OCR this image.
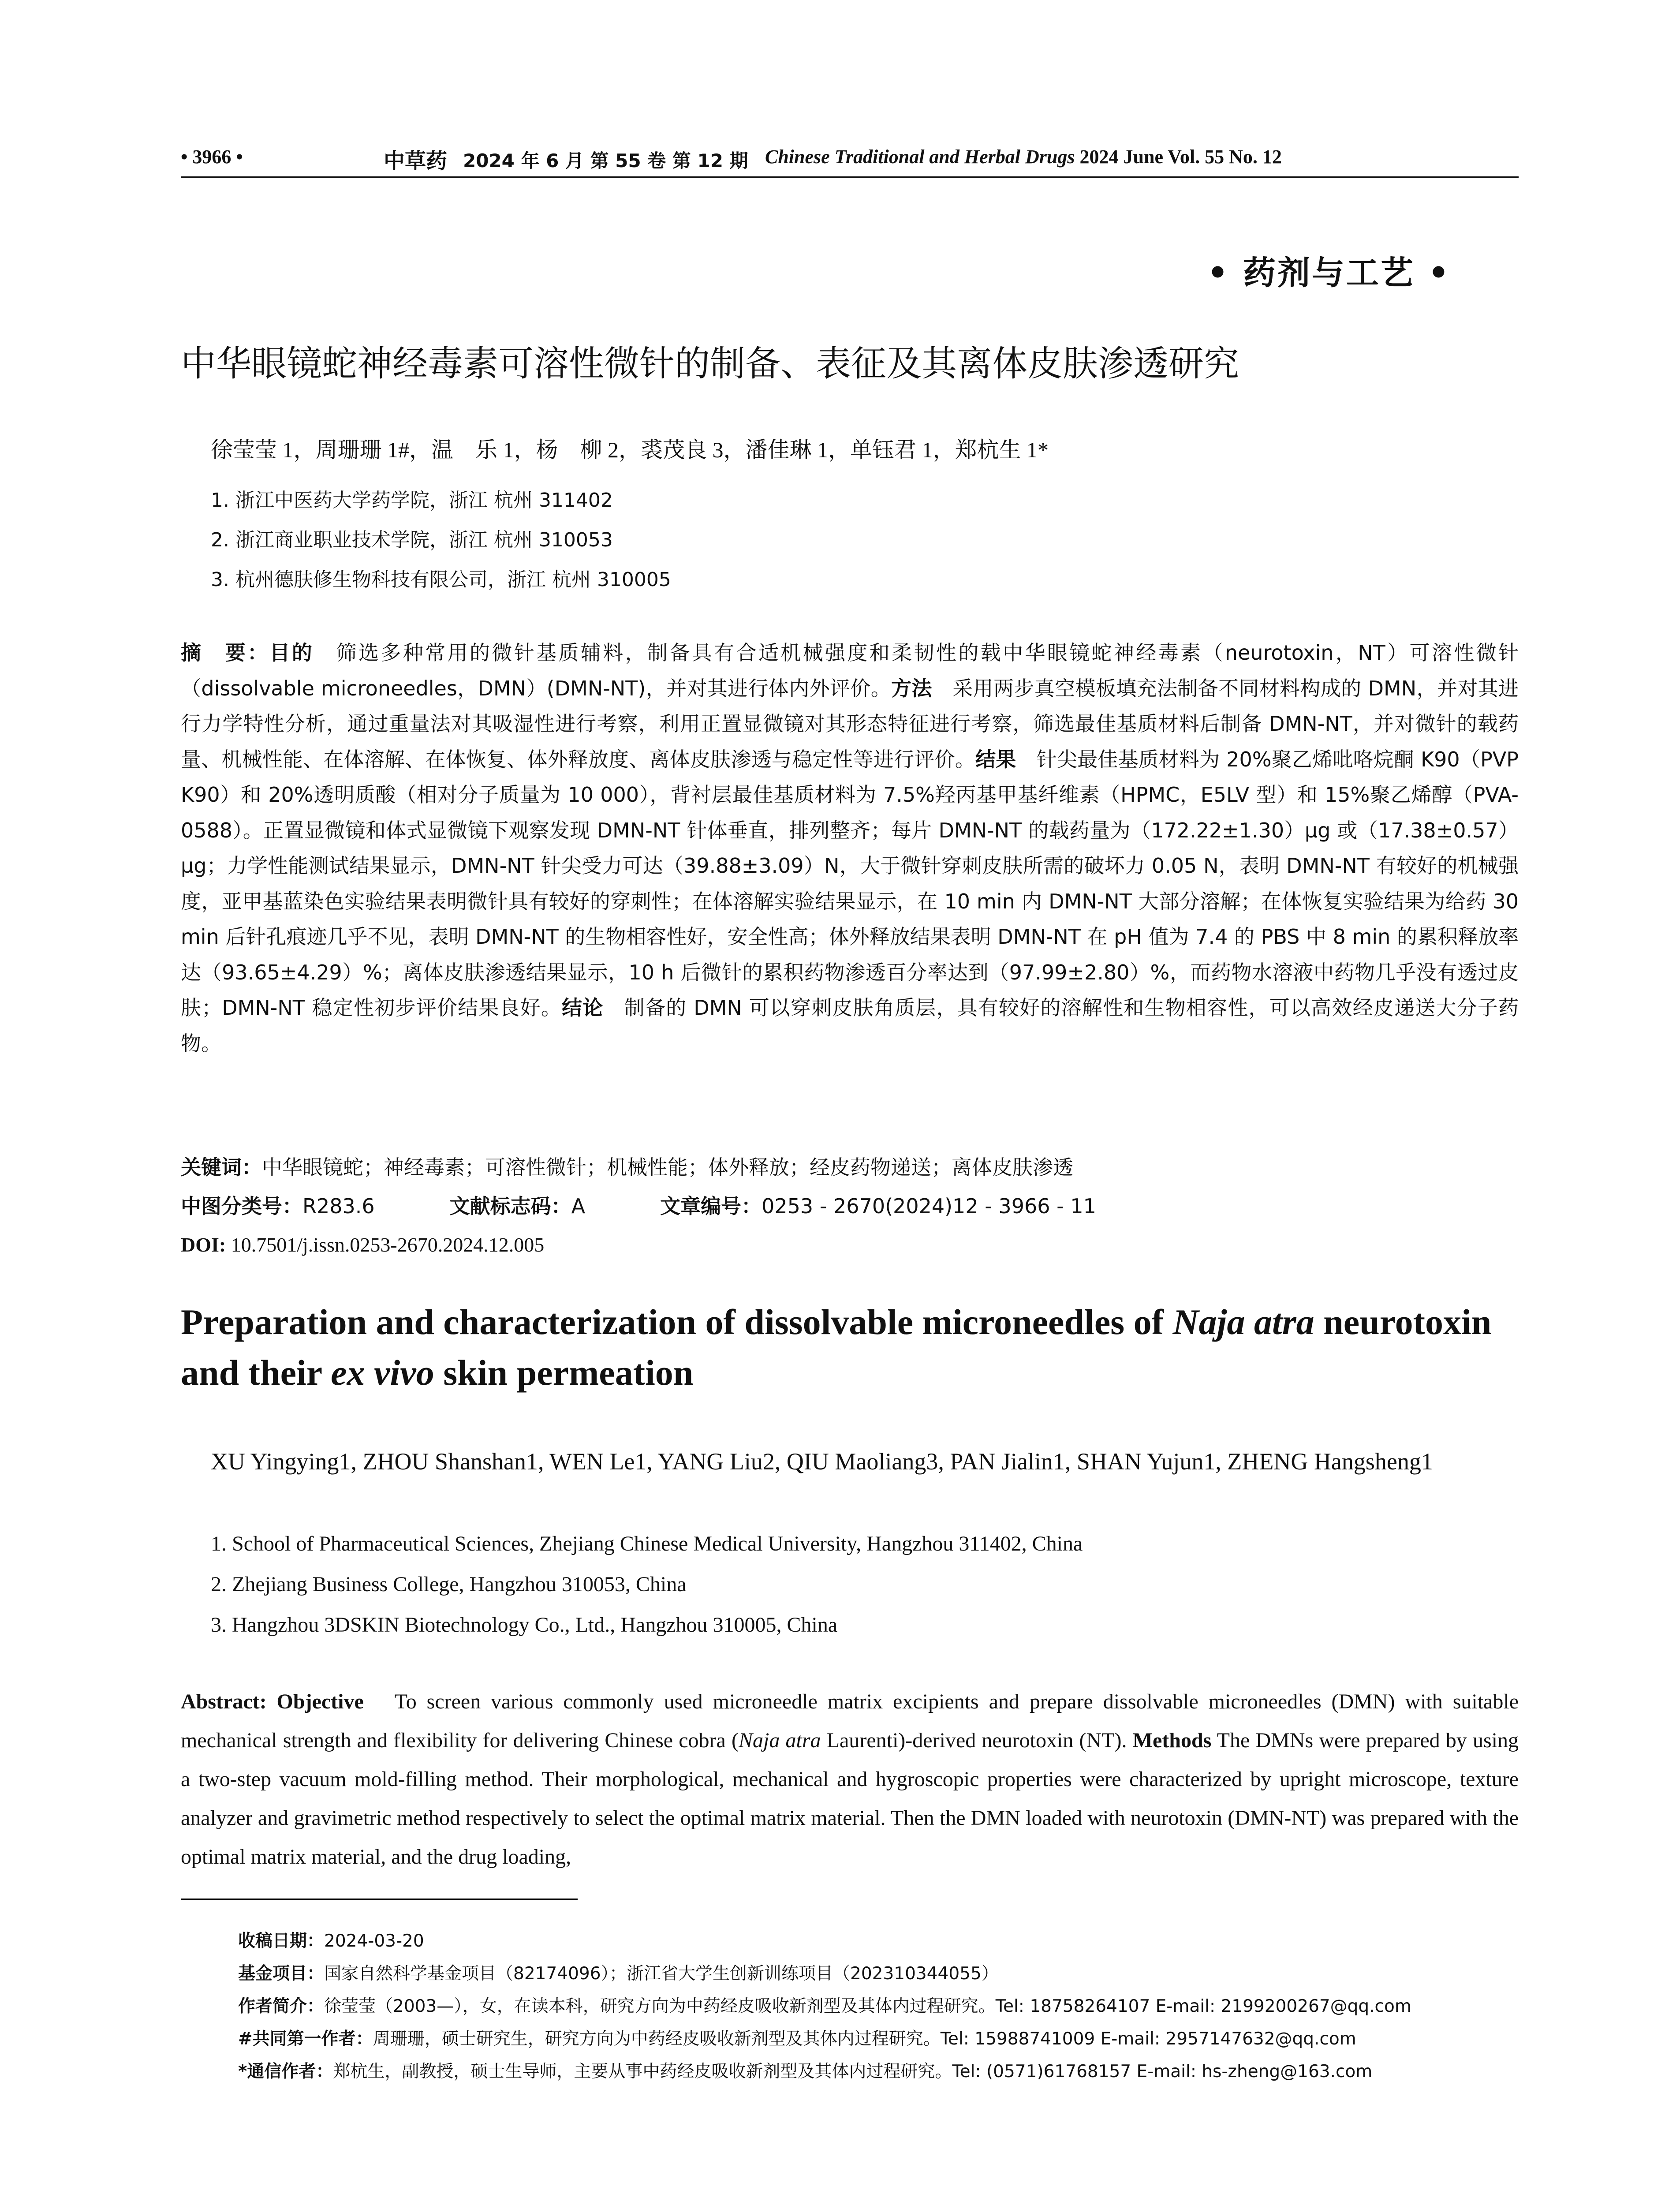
• 3966 •	中草药 2024 年 6 月 第 55 卷 第 12 期 Chinese Traditional and Herbal Drugs 2024 June Vol. 55 No. 12
• 药剂与工艺 •
中华眼镜蛇神经毒素可溶性微针的制备、表征及其离体皮肤渗透研究
徐莹莹 1，周珊珊 1#，温　乐 1，杨　柳 2，裘茂良 3，潘佳琳 1，单钰君 1，郑杭生 1*
1. 浙江中医药大学药学院，浙江 杭州 311402
2. 浙江商业职业技术学院，浙江 杭州 310053
3. 杭州德肤修生物科技有限公司，浙江 杭州 310005

摘　要：目的　筛选多种常用的微针基质辅料，制备具有合适机械强度和柔韧性的载中华眼镜蛇神经毒素（neurotoxin，NT）可溶性微针（dissolvable microneedles，DMN）(DMN-NT)，并对其进行体内外评价。方法　采用两步真空模板填充法制备不同材料构成的 DMN，并对其进行力学特性分析，通过重量法对其吸湿性进行考察，利用正置显微镜对其形态特征进行考察，筛选最佳基质材料后制备 DMN-NT，并对微针的载药量、机械性能、在体溶解、在体恢复、体外释放度、离体皮肤渗透与稳定性等进行评价。结果　针尖最佳基质材料为 20%聚乙烯吡咯烷酮 K90（PVP K90）和 20%透明质酸（相对分子质量为 10 000），背衬层最佳基质材料为 7.5%羟丙基甲基纤维素（HPMC，E5LV 型）和 15%聚乙烯醇（PVA-0588）。正置显微镜和体式显微镜下观察发现 DMN-NT 针体垂直，排列整齐；每片 DMN-NT 的载药量为（172.22±1.30）μg 或（17.38±0.57）μg；力学性能测试结果显示，DMN-NT 针尖受力可达（39.88±3.09）N，大于微针穿刺皮肤所需的破坏力 0.05 N，表明 DMN-NT 有较好的机械强度，亚甲基蓝染色实验结果表明微针具有较好的穿刺性；在体溶解实验结果显示，在 10 min 内 DMN-NT 大部分溶解；在体恢复实验结果为给药 30 min 后针孔痕迹几乎不见，表明 DMN-NT 的生物相容性好，安全性高；体外释放结果表明 DMN-NT 在 pH 值为 7.4 的 PBS 中 8 min 的累积释放率达（93.65±4.29）%；离体皮肤渗透结果显示，10 h 后微针的累积药物渗透百分率达到（97.99±2.80）%，而药物水溶液中药物几乎没有透过皮肤；DMN-NT 稳定性初步评价结果良好。结论　制备的 DMN 可以穿刺皮肤角质层，具有较好的溶解性和生物相容性，可以高效经皮递送大分子药物。

关键词：中华眼镜蛇；神经毒素；可溶性微针；机械性能；体外释放；经皮药物递送；离体皮肤渗透
中图分类号：R283.6	文献标志码：A	文章编号：0253 - 2670(2024)12 - 3966 - 11
DOI: 10.7501/j.issn.0253-2670.2024.12.005
Preparation and characterization of dissolvable microneedles of Naja atra neurotoxin and their ex vivo skin permeation

XU Yingying1, ZHOU Shanshan1, WEN Le1, YANG Liu2, QIU Maoliang3, PAN Jialin1, SHAN Yujun1, ZHENG Hangsheng1

1. School of Pharmaceutical Sciences, Zhejiang Chinese Medical University, Hangzhou 311402, China
2. Zhejiang Business College, Hangzhou 310053, China
3. Hangzhou 3DSKIN Biotechnology Co., Ltd., Hangzhou 310005, China

Abstract: Objective　To screen various commonly used microneedle matrix excipients and prepare dissolvable microneedles (DMN) with suitable mechanical strength and flexibility for delivering Chinese cobra (Naja atra Laurenti)-derived neurotoxin (NT). Methods The DMNs were prepared by using a two-step vacuum mold-filling method. Their morphological, mechanical and hygroscopic properties were characterized by upright microscope, texture analyzer and gravimetric method respectively to select the optimal matrix material. Then the DMN loaded with neurotoxin (DMN-NT) was prepared with the optimal matrix material, and the drug loading,

收稿日期：2024-03-20
基金项目：国家自然科学基金项目（82174096）；浙江省大学生创新训练项目（202310344055）
作者简介：徐莹莹（2003—），女，在读本科，研究方向为中药经皮吸收新剂型及其体内过程研究。Tel: 18758264107 E-mail: 2199200267@qq.com
#共同第一作者：周珊珊，硕士研究生，研究方向为中药经皮吸收新剂型及其体内过程研究。Tel: 15988741009 E-mail: 2957147632@qq.com
*通信作者：郑杭生，副教授，硕士生导师，主要从事中药经皮吸收新剂型及其体内过程研究。Tel: (0571)61768157 E-mail: hs-zheng@163.com
